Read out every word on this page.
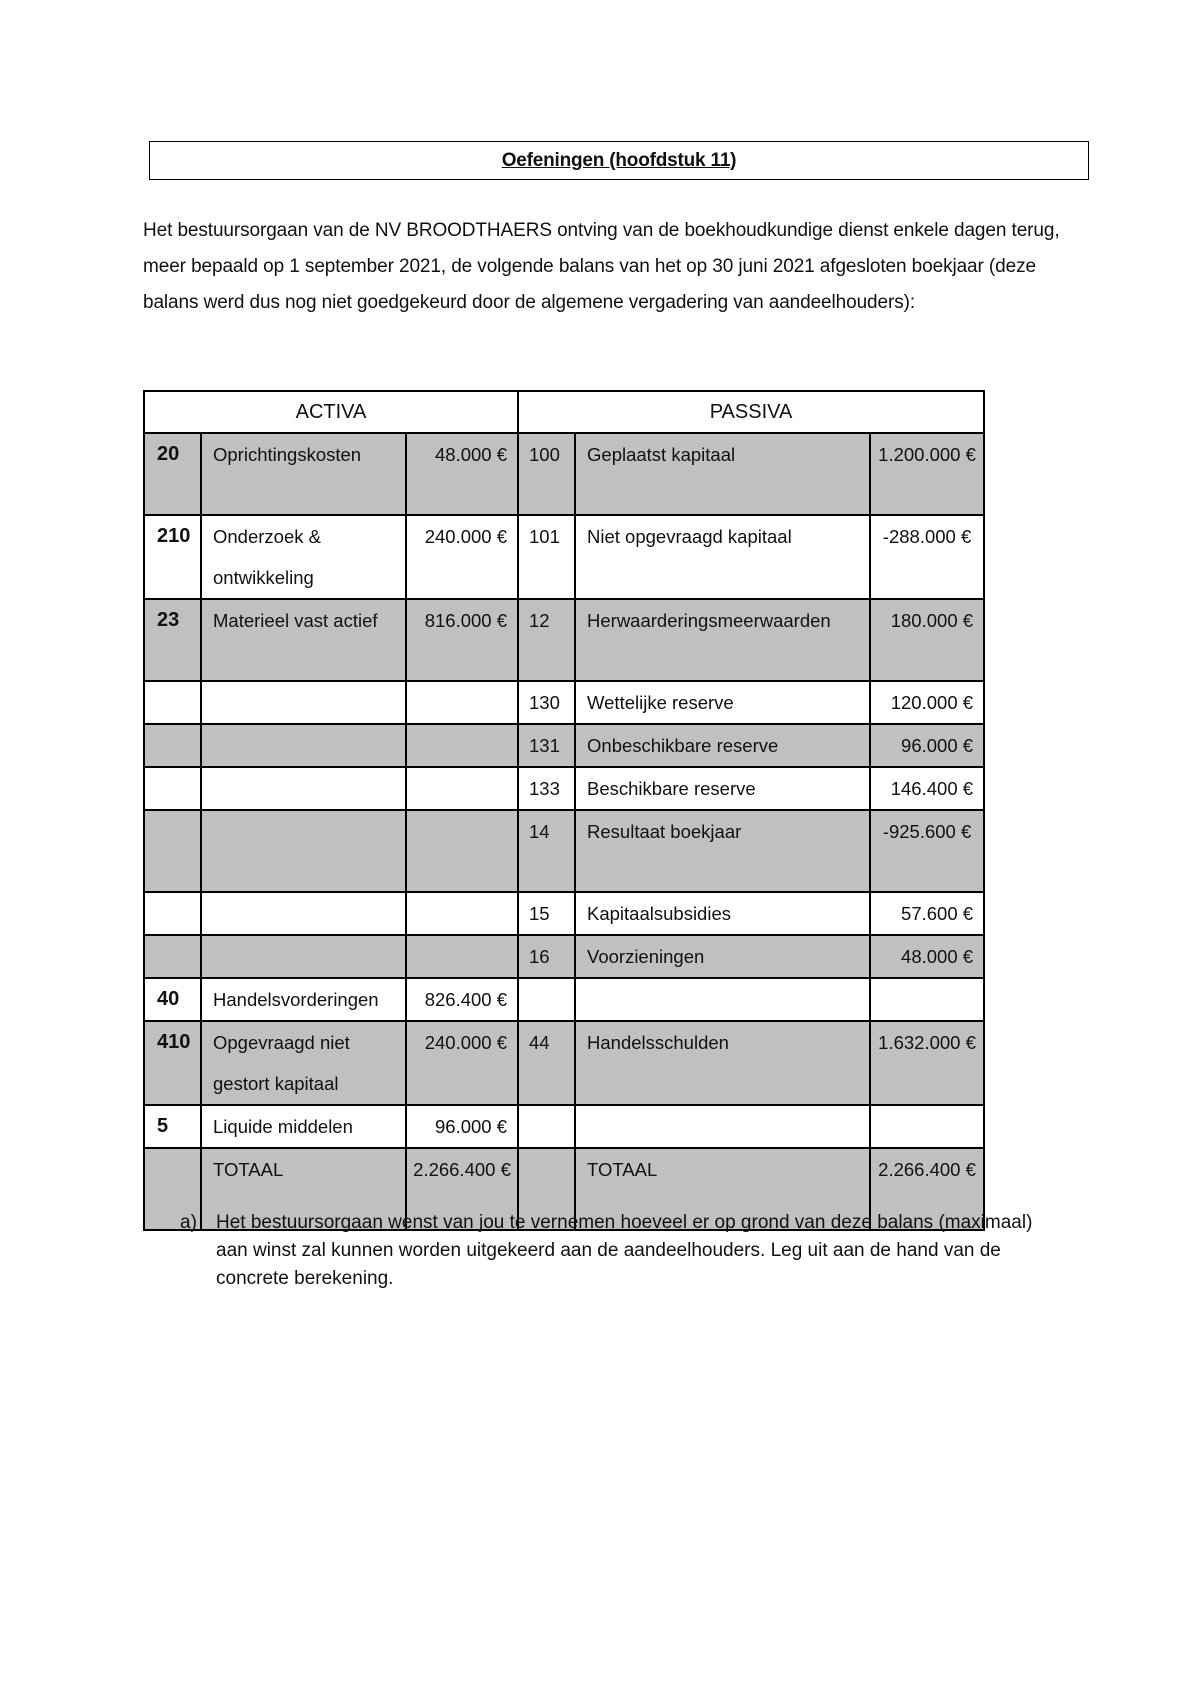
Oefeningen (hoofdstuk 11)

Het bestuursorgaan van de NV BROODTHAERS ontving van de boekhoudkundige dienst enkele dagen terug, meer bepaald op 1 september 2021, de volgende balans van het op 30 juni 2021 afgesloten boekjaar (deze balans werd dus nog niet goedgekeurd door de algemene vergadering van aandeelhouders):

ACTIVA			PASSIVA		
20	Oprichtingskosten	48.000 €	100	Geplaatst kapitaal	1.200.000 €
210	Onderzoek & ontwikkeling	240.000 €	101	Niet opgevraagd kapitaal	-288.000 €
23	Materieel vast actief	816.000 €	12	Herwaarderingsmeerwaarden	180.000 €
			130	Wettelijke reserve	120.000 €
			131	Onbeschikbare reserve	96.000 €
			133	Beschikbare reserve	146.400 €
			14	Resultaat boekjaar	-925.600 €
			15	Kapitaalsubsidies	57.600 €
			16	Voorzieningen	48.000 €
40	Handelsvorderingen	826.400 €			
410	Opgevraagd niet gestort kapitaal	240.000 €	44	Handelsschulden	1.632.000 €
5	Liquide middelen	96.000 €			
	TOTAAL	2.266.400 €		TOTAAL	2.266.400 €
a)	Het bestuursorgaan wenst van jou te vernemen hoeveel er op grond van deze balans (maximaal) aan winst zal kunnen worden uitgekeerd aan de aandeelhouders. Leg uit aan de hand van de concrete berekening.
